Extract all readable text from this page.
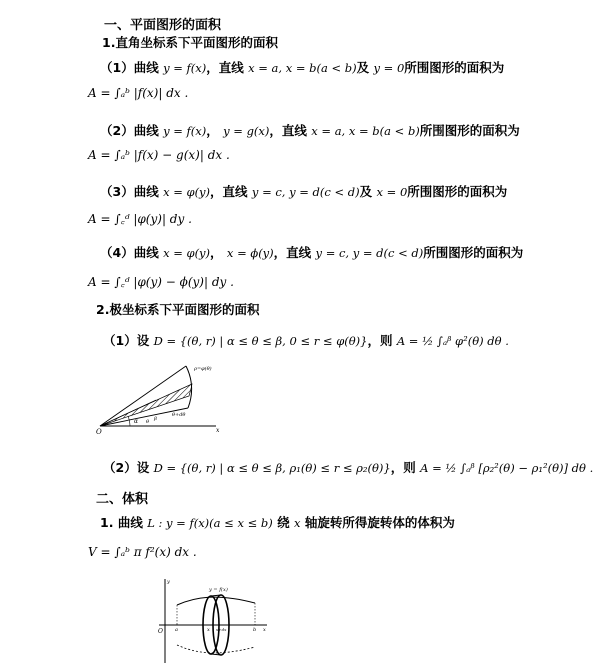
一、平面图形的面积
1.直角坐标系下平面图形的面积
（1）曲线 y = f(x)，直线 x = a, x = b(a < b)及 y = 0所围图形的面积为
A = ∫ₐᵇ |f(x)| dx .
（2）曲线 y = f(x)， y = g(x)，直线 x = a, x = b(a < b)所围图形的面积为
A = ∫ₐᵇ |f(x) − g(x)| dx .
（3）曲线 x = φ(y)，直线 y = c, y = d(c < d)及 x = 0所围图形的面积为
A = ∫꜀ᵈ |φ(y)| dy .
（4）曲线 x = φ(y)， x = ϕ(y)，直线 y = c, y = d(c < d)所围图形的面积为
A = ∫꜀ᵈ |φ(y) − ϕ(y)| dy .
2.极坐标系下平面图形的面积
（1）设 D = {(θ, r) | α ≤ θ ≤ β, 0 ≤ r ≤ φ(θ)}，则 A = ½ ∫ₐᵝ φ²(θ) dθ .
ρ=φ(θ)
O	x
α	β
θ
θ+dθ
（2）设 D = {(θ, r) | α ≤ θ ≤ β, ρ₁(θ) ≤ r ≤ ρ₂(θ)}，则 A = ½ ∫ₐᵝ [ρ₂²(θ) − ρ₁²(θ)] dθ .
二、体积
1. 曲线 L : y = f(x)(a ≤ x ≤ b) 绕 x 轴旋转所得旋转体的体积为
V = ∫ₐᵇ π f²(x) dx .
y = f(x)
O	x
y
a	x x+dx	b
